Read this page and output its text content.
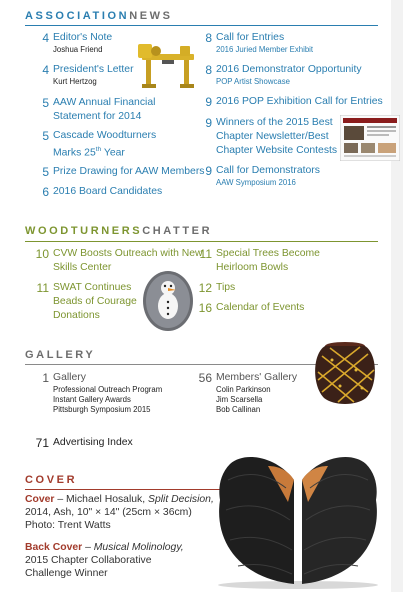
ASSOCIATIONNEWS
4 Editor's Note
Joshua Friend
4 President's Letter
Kurt Hertzog
5 AAW Annual Financial
Statement for 2014
5 Cascade Woodturners
Marks 25th Year
5 Prize Drawing for AAW Members
6 2016 Board Candidates
8 Call for Entries
2016 Juried Member Exhibit
8 2016 Demonstrator Opportunity
POP Artist Showcase
9 2016 POP Exhibition Call for Entries
9 Winners of the 2015 Best
Chapter Newsletter/Best
Chapter Website Contests
9 Call for Demonstrators
AAW Symposium 2016
WOODTURNERSCHATTER
10 CVW Boosts Outreach with New
Skills Center
11 SWAT Continues
Beads of Courage
Donations
11 Special Trees Become
Heirloom Bowls
12 Tips
16 Calendar of Events
GALLERY
1 Gallery
Professional Outreach Program
Instant Gallery Awards
Pittsburgh Symposium 2015
56 Members' Gallery
Colin Parkinson
Jim Scarsella
Bob Callinan
71 Advertising Index
COVER
Cover – Michael Hosaluk, Split Decision,
2014, Ash, 10" × 14" (25cm × 36cm)
Photo: Trent Watts
Back Cover – Musical Molinology,
2015 Chapter Collaborative
Challenge Winner
